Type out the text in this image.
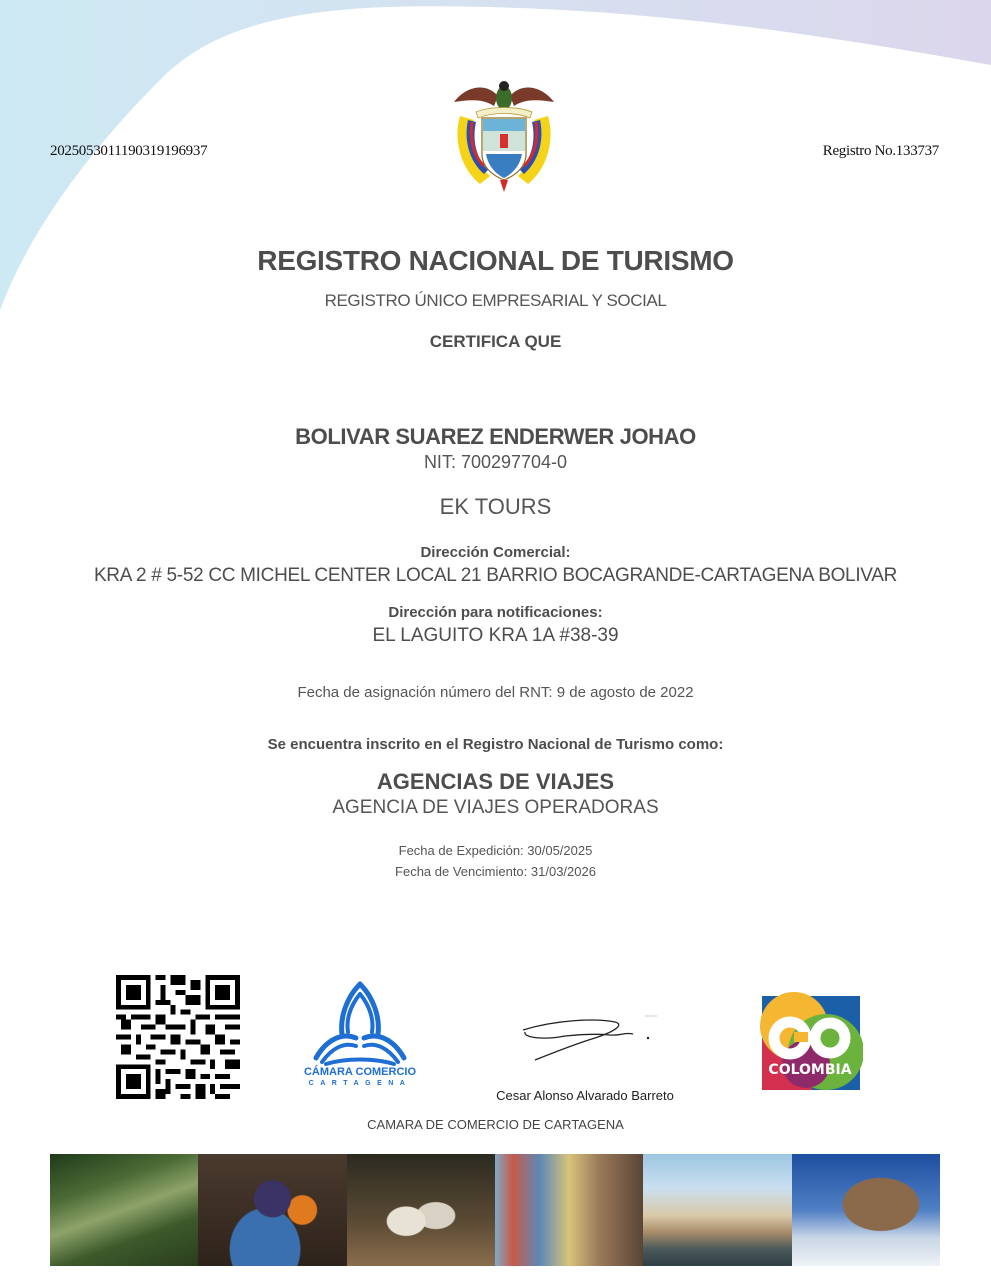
2025053011190319196937	Registro No.133737
REGISTRO NACIONAL DE TURISMO
REGISTRO ÚNICO EMPRESARIAL Y SOCIAL
CERTIFICA QUE
BOLIVAR SUAREZ ENDERWER JOHAO
NIT: 700297704-0
EK TOURS
Dirección Comercial:
KRA 2 # 5-52 CC MICHEL CENTER LOCAL 21 BARRIO BOCAGRANDE-CARTAGENA BOLIVAR
Dirección para notificaciones:
EL LAGUITO KRA 1A #38-39
Fecha de asignación número del RNT: 9 de agosto de 2022
Se encuentra inscrito en el Registro Nacional de Turismo como:
AGENCIAS DE VIAJES
AGENCIA DE VIAJES OPERADORAS
Fecha de Expedición: 30/05/2025
Fecha de Vencimiento: 31/03/2026
CÁMARA COMERCIO
CARTAGENA
Cesar Alonso Alvarado Barreto
CAMARA DE COMERCIO DE CARTAGENA
COLOMBIA
